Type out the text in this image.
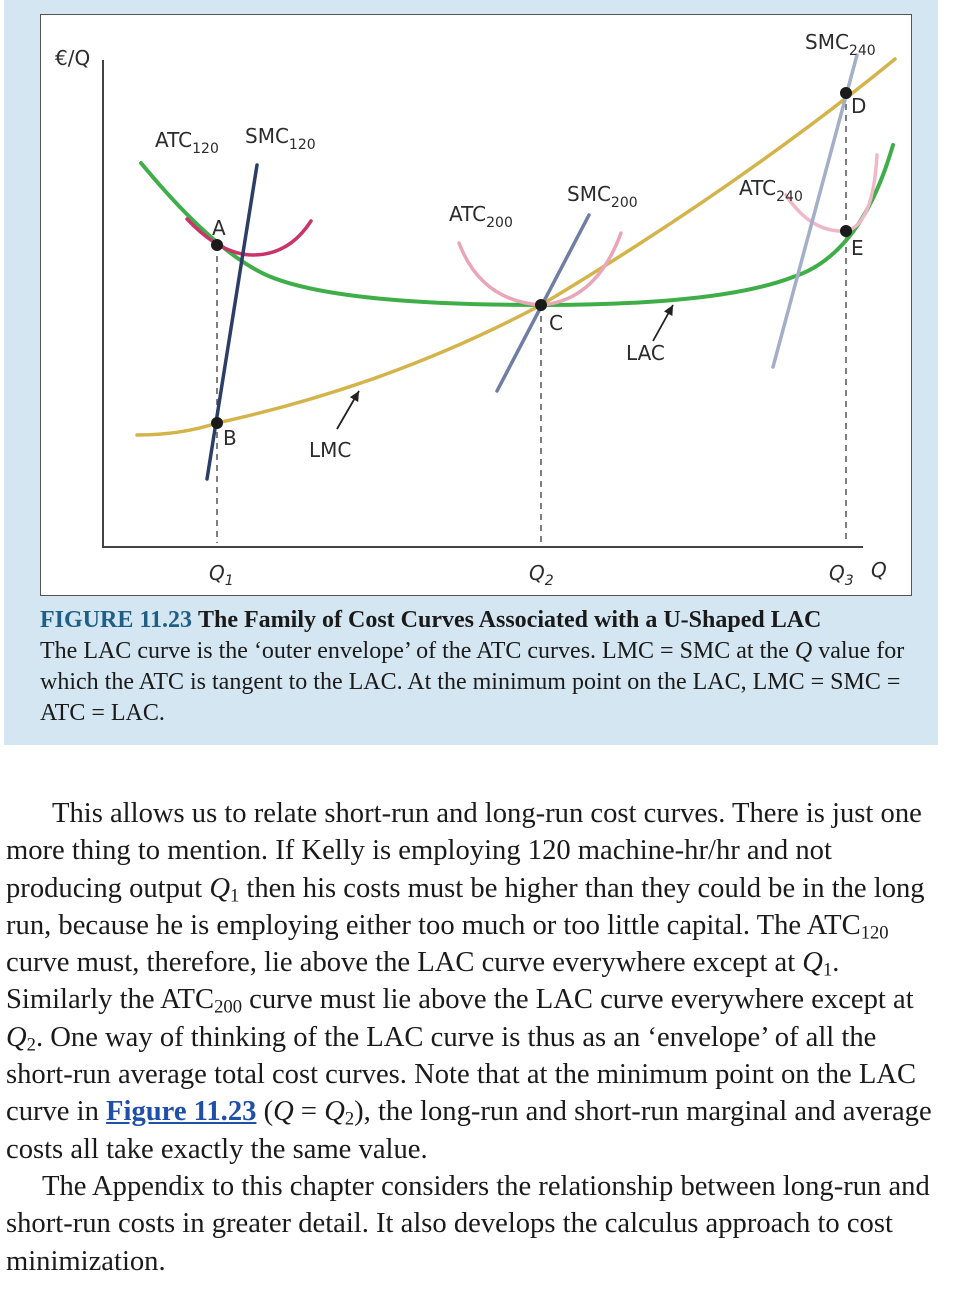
A
B
C
D
E
LAC
LMC
$ATC_{120}$
$SMC_{120}$
$ATC_{200}$
$SMC_{200}$
$ATC_{240}$
$SMC_{240}$
€/Q
Q
$Q_1$	$Q_2$	$Q_3$
FIGURE 11.23 The Family of Cost Curves Associated with a U-Shaped LAC
The LAC curve is the ‘outer envelope’ of the ATC curves. LMC = SMC at the Q value for which the ATC is tangent to the LAC. At the minimum point on the LAC, LMC = SMC = ATC = LAC.

This allows us to relate short-run and long-run cost curves. There is just one more thing to mention. If Kelly is employing 120 machine-hr/hr and not producing output $Q_1$ then his costs must be higher than they could be in the long run, because he is employing either too much or too little capital. The $ATC_{120}$ curve must, therefore, lie above the LAC curve everywhere except at $Q_1$. Similarly the $ATC_{200}$ curve must lie above the LAC curve everywhere except at $Q_2$. One way of thinking of the LAC curve is thus as an ‘envelope’ of all the short-run average total cost curves. Note that at the minimum point on the LAC curve in Figure 11.23 $(Q = Q_2)$, the long-run and short-run marginal and average costs all take exactly the same value.

The Appendix to this chapter considers the relationship between long-run and short-run costs in greater detail. It also develops the calculus approach to cost minimization.
